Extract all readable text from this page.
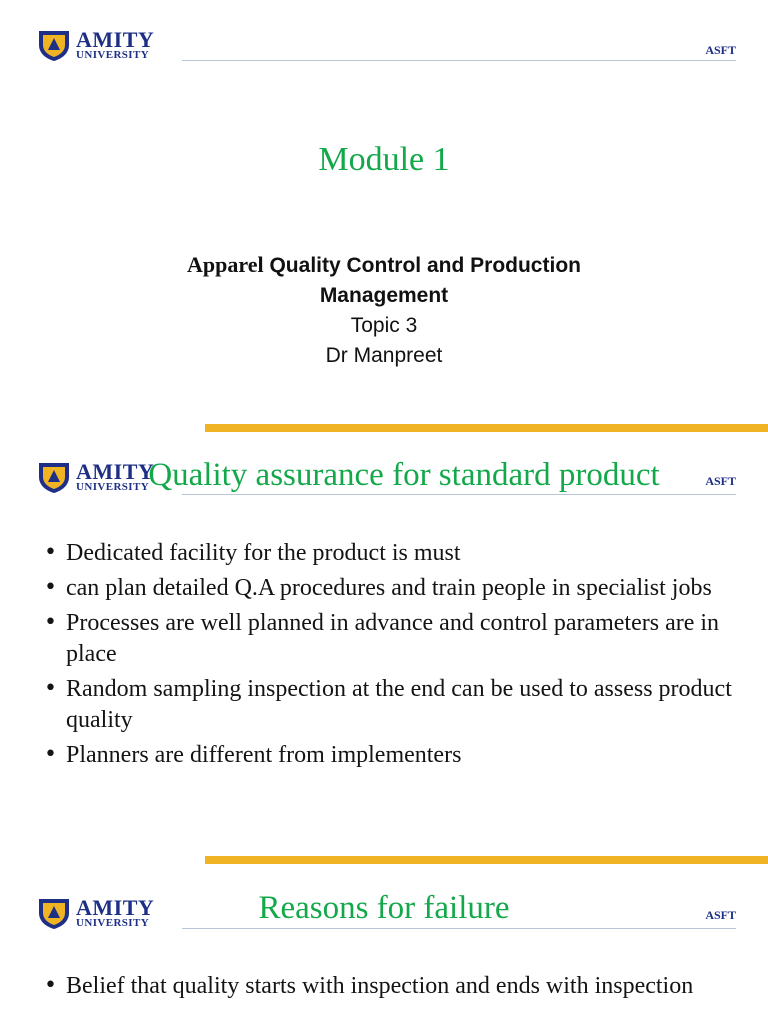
AMITY
UNIVERSITY	ASFT
Module 1
Apparel Quality Control and Production Management
Topic 3
Dr Manpreet
AMITY
UNIVERSITY	ASFT
Quality assurance for standard product
• Dedicated facility for the product is must
• can plan detailed Q.A procedures and train people in specialist jobs
• Processes are well planned in advance and control parameters are in place
• Random sampling inspection at the end can be used to assess product quality
• Planners are different from implementers
AMITY
UNIVERSITY
ASFT
Reasons for failure
• Belief that quality starts with inspection and ends with inspection
